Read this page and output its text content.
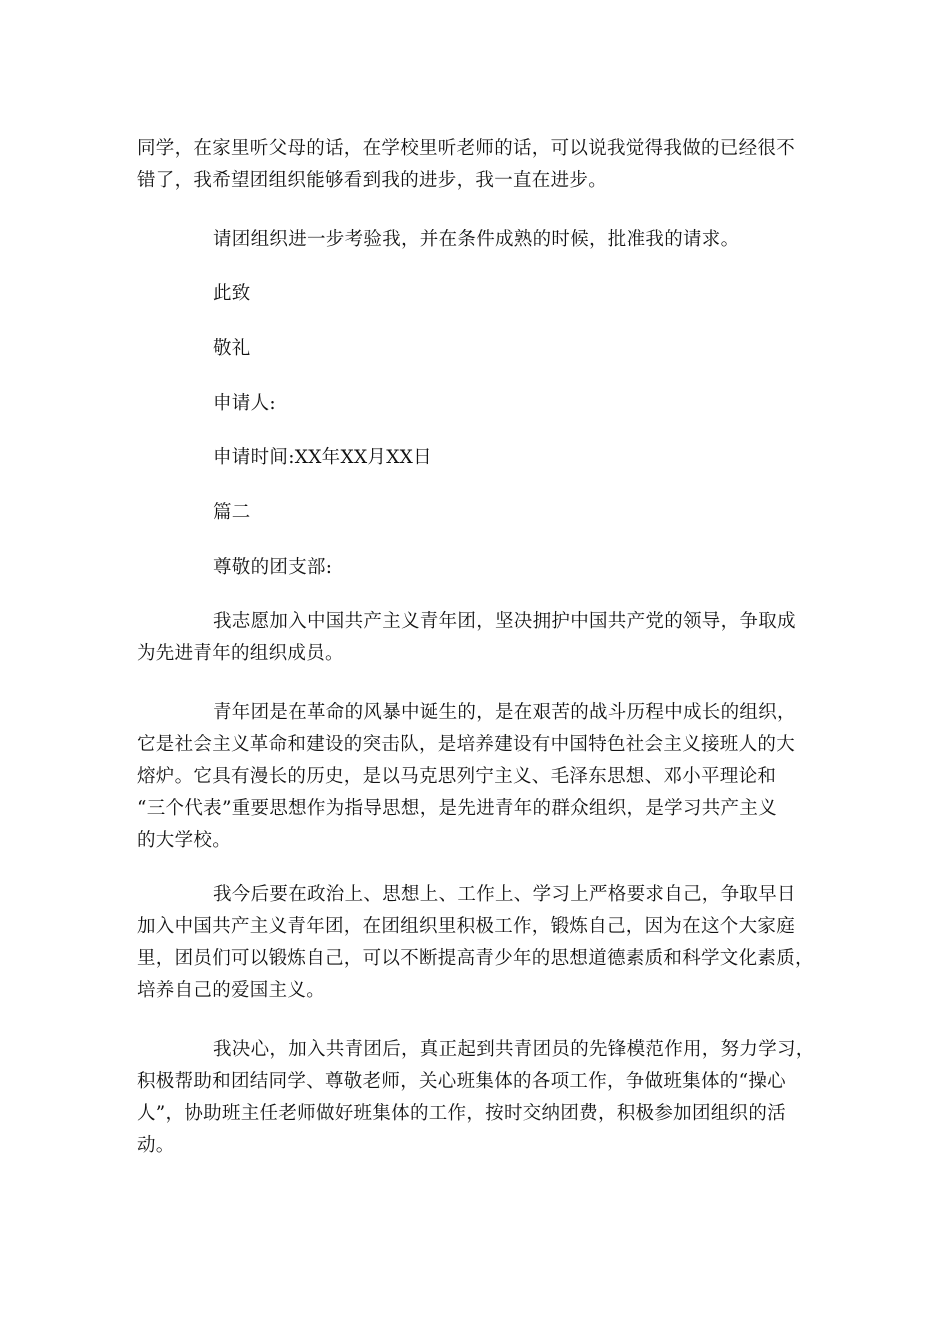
同学，在家里听父母的话，在学校里听老师的话，可以说我觉得我做的已经很不
错了，我希望团组织能够看到我的进步，我一直在进步。
请团组织进一步考验我，并在条件成熟的时候，批准我的请求。
此致
敬礼
申请人:
申请时间:XX年XX月XX日
篇二
尊敬的团支部:
我志愿加入中国共产主义青年团，坚决拥护中国共产党的领导，争取成
为先进青年的组织成员。
青年团是在革命的风暴中诞生的，是在艰苦的战斗历程中成长的组织，
它是社会主义革命和建设的突击队，是培养建设有中国特色社会主义接班人的大
熔炉。它具有漫长的历史，是以马克思列宁主义、毛泽东思想、邓小平理论和
“三个代表”重要思想作为指导思想，是先进青年的群众组织，是学习共产主义
的大学校。
我今后要在政治上、思想上、工作上、学习上严格要求自己，争取早日
加入中国共产主义青年团，在团组织里积极工作，锻炼自己，因为在这个大家庭
里，团员们可以锻炼自己，可以不断提高青少年的思想道德素质和科学文化素质，
培养自己的爱国主义。
我决心，加入共青团后，真正起到共青团员的先锋模范作用，努力学习，
积极帮助和团结同学、尊敬老师，关心班集体的各项工作，争做班集体的“操心
人”，协助班主任老师做好班集体的工作，按时交纳团费，积极参加团组织的活
动。
